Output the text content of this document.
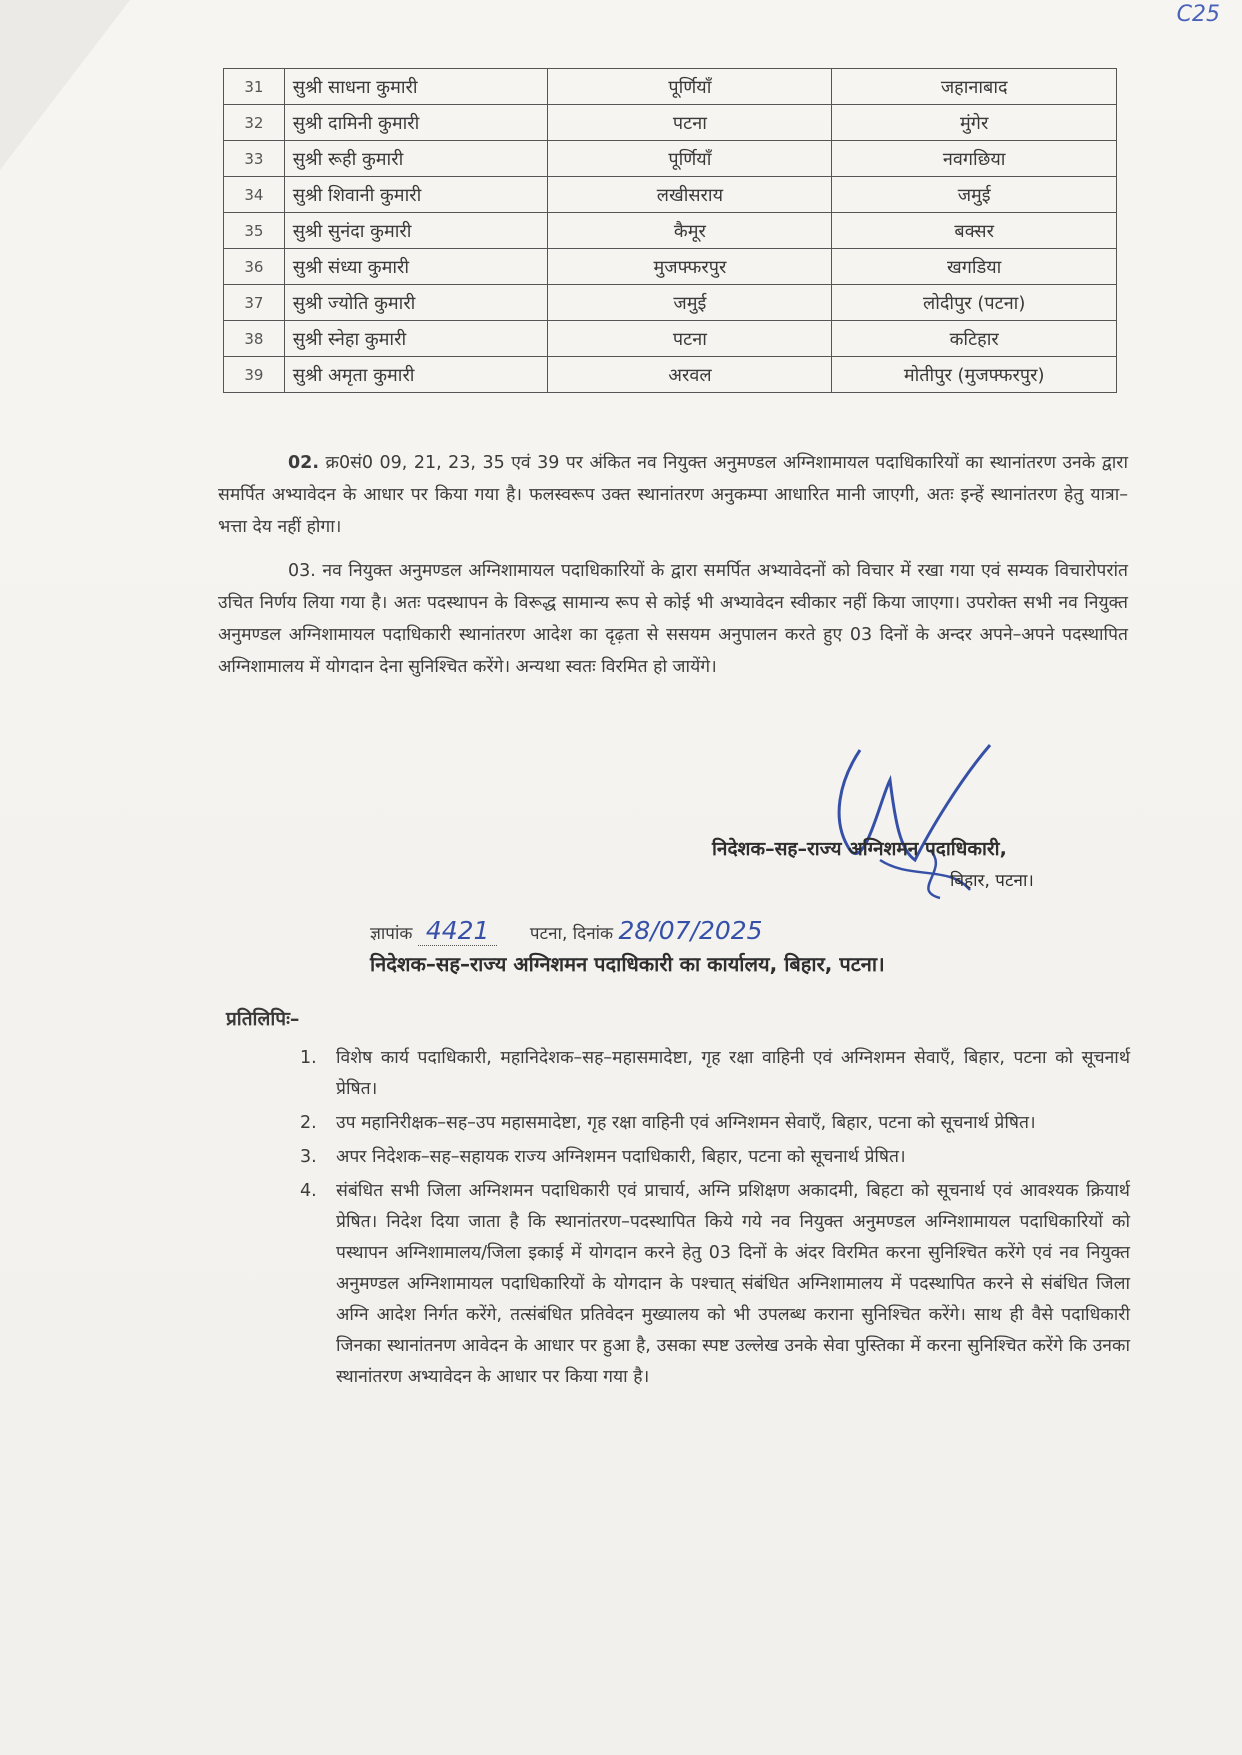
C25
31	सुश्री साधना कुमारी	पूर्णियाँ	जहानाबाद
32	सुश्री दामिनी कुमारी	पटना	मुंगेर
33	सुश्री रूही कुमारी	पूर्णियाँ	नवगछिया
34	सुश्री शिवानी कुमारी	लखीसराय	जमुई
35	सुश्री सुनंदा कुमारी	कैमूर	बक्सर
36	सुश्री संध्या कुमारी	मुजफ्फरपुर	खगडिया
37	सुश्री ज्योति कुमारी	जमुई	लोदीपुर (पटना)
38	सुश्री स्नेहा कुमारी	पटना	कटिहार
39	सुश्री अमृता कुमारी	अरवल	मोतीपुर (मुजफ्फरपुर)

02. क्र0सं0 09, 21, 23, 35 एवं 39 पर अंकित नव नियुक्त अनुमण्डल अग्निशामायल पदाधिकारियों का स्थानांतरण उनके द्वारा समर्पित अभ्यावेदन के आधार पर किया गया है। फलस्वरूप उक्त स्थानांतरण अनुकम्पा आधारित मानी जाएगी, अतः इन्हें स्थानांतरण हेतु यात्रा–भत्ता देय नहीं होगा।

03. नव नियुक्त अनुमण्डल अग्निशामायल पदाधिकारियों के द्वारा समर्पित अभ्यावेदनों को विचार में रखा गया एवं सम्यक विचारोपरांत उचित निर्णय लिया गया है। अतः पदस्थापन के विरूद्ध सामान्य रूप से कोई भी अभ्यावेदन स्वीकार नहीं किया जाएगा। उपरोक्त सभी नव नियुक्त अनुमण्डल अग्निशामायल पदाधिकारी स्थानांतरण आदेश का दृढ़ता से ससयम अनुपालन करते हुए 03 दिनों के अन्दर अपने–अपने पदस्थापित अग्निशामालय में योगदान देना सुनिश्चित करेंगे। अन्यथा स्वतः विरमित हो जायेंगे।

निदेशक–सह–राज्य अग्निशमन पदाधिकारी,
बिहार, पटना।
ज्ञापांक 4421 पटना, दिनांक 28/07/2025
निदेशक–सह–राज्य अग्निशमन पदाधिकारी का कार्यालय, बिहार, पटना।
प्रतिलिपिः–
1.	विशेष कार्य पदाधिकारी, महानिदेशक–सह–महासमादेष्टा, गृह रक्षा वाहिनी एवं अग्निशमन सेवाएँ, बिहार, पटना को सूचनार्थ प्रेषित।
2.	उप महानिरीक्षक–सह–उप महासमादेष्टा, गृह रक्षा वाहिनी एवं अग्निशमन सेवाएँ, बिहार, पटना को सूचनार्थ प्रेषित।
3.	अपर निदेशक–सह–सहायक राज्य अग्निशमन पदाधिकारी, बिहार, पटना को सूचनार्थ प्रेषित।
4.	संबंधित सभी जिला अग्निशमन पदाधिकारी एवं प्राचार्य, अग्नि प्रशिक्षण अकादमी, बिहटा को सूचनार्थ एवं आवश्यक क्रियार्थ प्रेषित। निदेश दिया जाता है कि स्थानांतरण–पदस्थापित किये गये नव नियुक्त अनुमण्डल अग्निशामायल पदाधिकारियों को पस्थापन अग्निशामालय/जिला इकाई में योगदान करने हेतु 03 दिनों के अंदर विरमित करना सुनिश्चित करेंगे एवं नव नियुक्त अनुमण्डल अग्निशामायल पदाधिकारियों के योगदान के पश्चात् संबंधित अग्निशामालय में पदस्थापित करने से संबंधित जिला अग्नि आदेश निर्गत करेंगे, तत्संबंधित प्रतिवेदन मुख्यालय को भी उपलब्ध कराना सुनिश्चित करेंगे। साथ ही वैसे पदाधिकारी जिनका स्थानांतनण आवेदन के आधार पर हुआ है, उसका स्पष्ट उल्लेख उनके सेवा पुस्तिका में करना सुनिश्चित करेंगे कि उनका स्थानांतरण अभ्यावेदन के आधार पर किया गया है।
